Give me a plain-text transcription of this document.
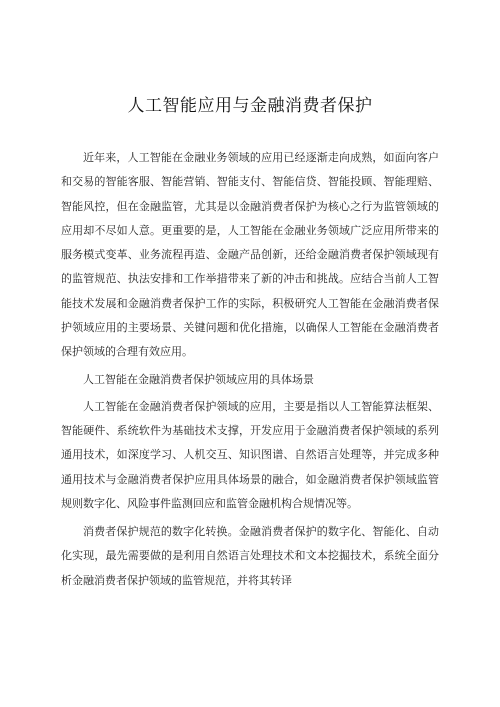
人工智能应用与金融消费者保护

近年来，人工智能在金融业务领域的应用已经逐渐走向成熟，如面向客户和交易的智能客服、智能营销、智能支付、智能信贷、智能投顾、智能理赔、智能风控，但在金融监管，尤其是以金融消费者保护为核心之行为监管领域的应用却不尽如人意。更重要的是，人工智能在金融业务领域广泛应用所带来的服务模式变革、业务流程再造、金融产品创新，还给金融消费者保护领域现有的监管规范、执法安排和工作举措带来了新的冲击和挑战。应结合当前人工智能技术发展和金融消费者保护工作的实际，积极研究人工智能在金融消费者保护领域应用的主要场景、关键问题和优化措施，以确保人工智能在金融消费者保护领域的合理有效应用。

人工智能在金融消费者保护领域应用的具体场景

人工智能在金融消费者保护领域的应用，主要是指以人工智能算法框架、智能硬件、系统软件为基础技术支撑，开发应用于金融消费者保护领域的系列通用技术，如深度学习、人机交互、知识图谱、自然语言处理等，并完成多种通用技术与金融消费者保护应用具体场景的融合，如金融消费者保护领域监管规则数字化、风险事件监测回应和监管金融机构合规情况等。

消费者保护规范的数字化转换。金融消费者保护的数字化、智能化、自动化实现，最先需要做的是利用自然语言处理技术和文本挖掘技术，系统全面分析金融消费者保护领域的监管规范，并将其转译
